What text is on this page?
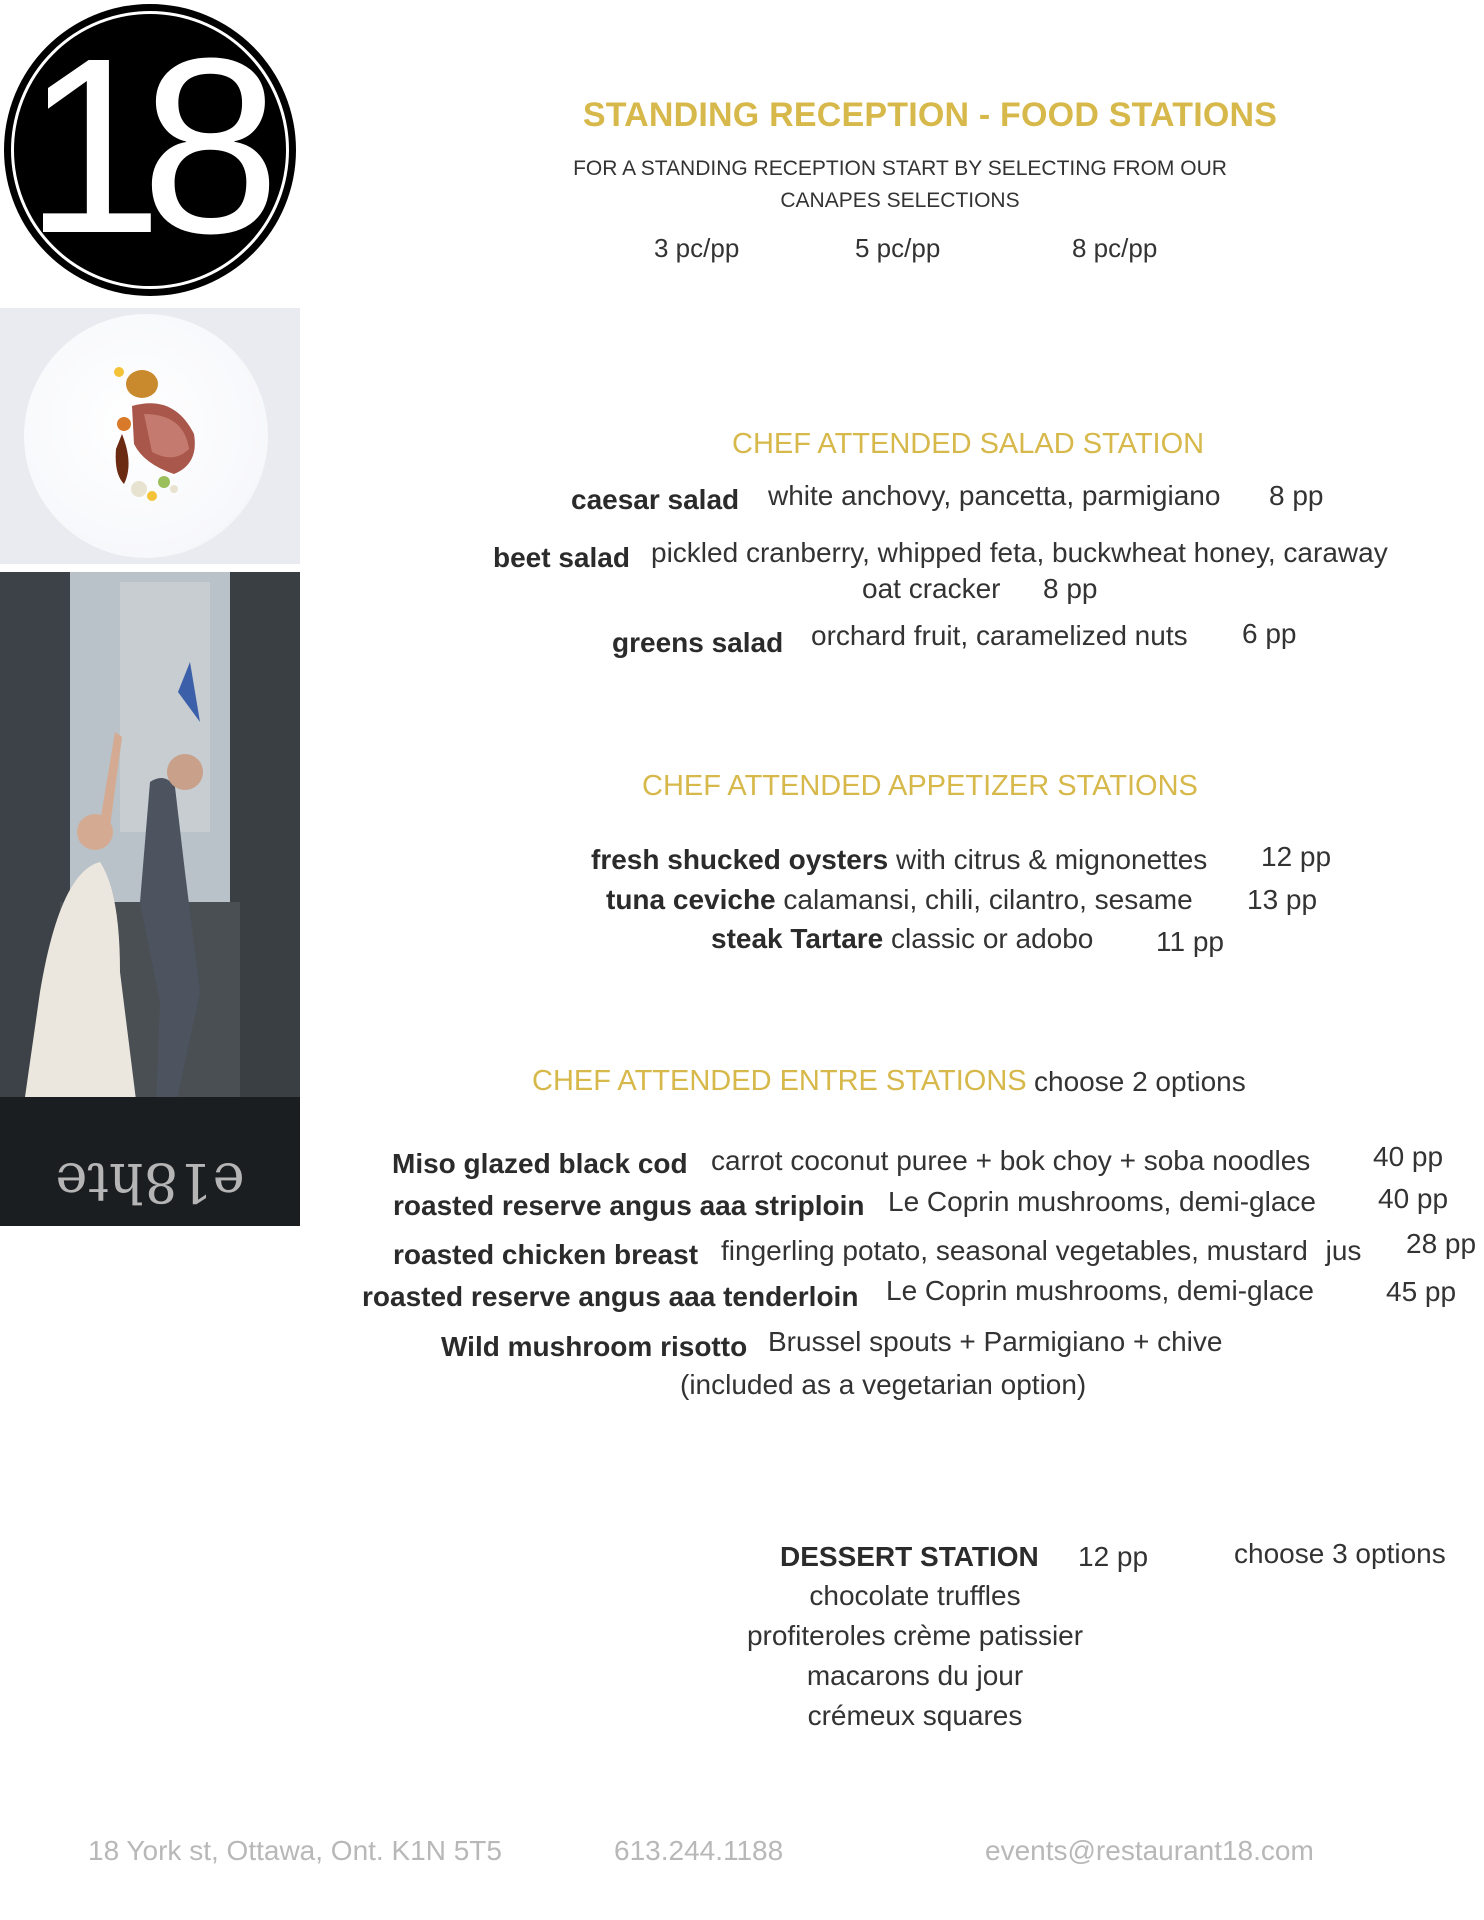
18
e18hte
STANDING RECEPTION - FOOD STATIONS
FOR A STANDING RECEPTION START BY SELECTING FROM OUR CANAPES SELECTIONS
3 pc/pp	5 pc/pp	8 pc/pp
CHEF ATTENDED SALAD STATION
caesar salad white anchovy, pancetta, parmigiano 8 pp
beet salad pickled cranberry, whipped feta, buckwheat honey, caraway
oat cracker 8 pp
greens salad orchard fruit, caramelized nuts 6 pp
CHEF ATTENDED APPETIZER STATIONS
fresh shucked oysters with citrus & mignonettes 12 pp
tuna ceviche calamansi, chili, cilantro, sesame 13 pp
steak Tartare classic or adobo 11 pp
CHEF ATTENDED ENTRE STATIONS choose 2 options
Miso glazed black cod carrot coconut puree + bok choy + soba noodles 40 pp
roasted reserve angus aaa striploin Le Coprin mushrooms, demi-glace 40 pp
roasted chicken breast fingerling potato, seasonal vegetables, mustard jus 28 pp
roasted reserve angus aaa tenderloin Le Coprin mushrooms, demi-glace	45 pp
Wild mushroom risotto Brussel spouts + Parmigiano + chive
(included as a vegetarian option)
DESSERT STATION 12 pp	choose 3 options
chocolate truffles
profiteroles crème patissier
macarons du jour
crémeux squares
18 York st, Ottawa, Ont. K1N 5T5	613.244.1188	events@restaurant18.com
